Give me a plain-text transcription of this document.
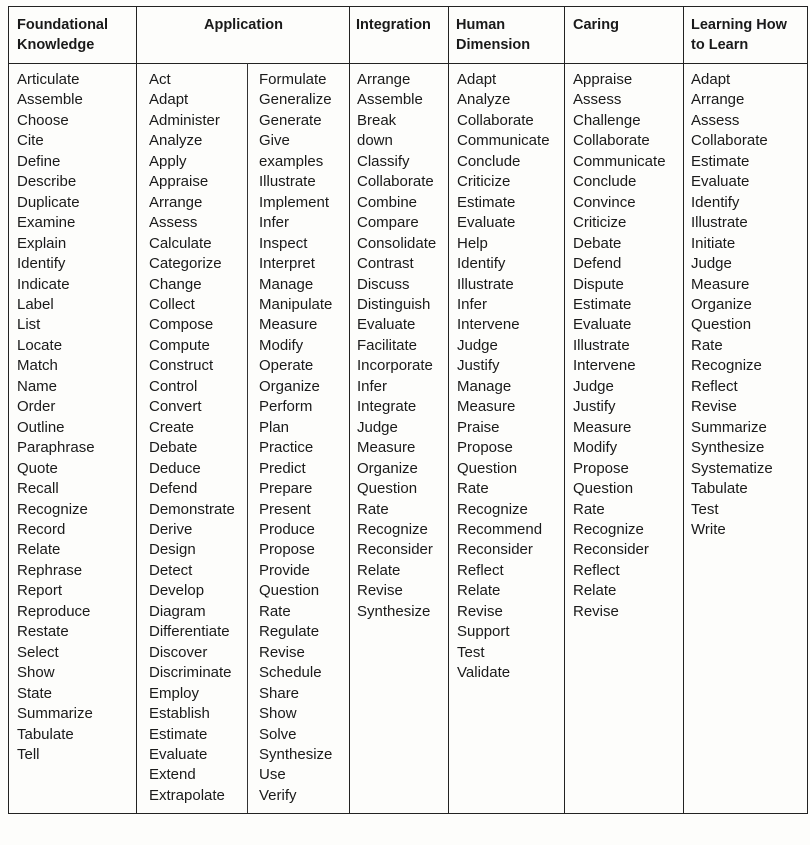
Foundational
Knowledge
Application	Integration Human
Dimension
Caring	Learning How
to Learn
Articulate
Assemble
Choose
Cite
Define
Describe
Duplicate
Examine
Explain
Identify
Indicate
Label
List
Locate
Match
Name
Order
Outline
Paraphrase
Quote
Recall
Recognize
Record
Relate
Rephrase
Report
Reproduce
Restate
Select
Show
State
Summarize
Tabulate
Tell
Act
Adapt
Administer
Analyze
Apply
Appraise
Arrange
Assess
Calculate
Categorize
Change
Collect
Compose
Compute
Construct
Control
Convert
Create
Debate
Deduce
Defend
Demonstrate
Derive
Design
Detect
Develop
Diagram
Differentiate
Discover
Discriminate
Employ
Establish
Estimate
Evaluate
Extend
Extrapolate
Formulate
Generalize
Generate
Give
examples
Illustrate
Implement
Infer
Inspect
Interpret
Manage
Manipulate
Measure
Modify
Operate
Organize
Perform
Plan
Practice
Predict
Prepare
Present
Produce
Propose
Provide
Question
Rate
Regulate
Revise
Schedule
Share
Show
Solve
Synthesize
Use
Verify
Arrange
Assemble
Break
down
Classify
Collaborate
Combine
Compare
Consolidate
Contrast
Discuss
Distinguish
Evaluate
Facilitate
Incorporate
Infer
Integrate
Judge
Measure
Organize
Question
Rate
Recognize
Reconsider
Relate
Revise
Synthesize
Adapt
Analyze
Collaborate
Communicate
Conclude
Criticize
Estimate
Evaluate
Help
Identify
Illustrate
Infer
Intervene
Judge
Justify
Manage
Measure
Praise
Propose
Question
Rate
Recognize
Recommend
Reconsider
Reflect
Relate
Revise
Support
Test
Validate
Appraise
Assess
Challenge
Collaborate
Communicate
Conclude
Convince
Criticize
Debate
Defend
Dispute
Estimate
Evaluate
Illustrate
Intervene
Judge
Justify
Measure
Modify
Propose
Question
Rate
Recognize
Reconsider
Reflect
Relate
Revise
Adapt
Arrange
Assess
Collaborate
Estimate
Evaluate
Identify
Illustrate
Initiate
Judge
Measure
Organize
Question
Rate
Recognize
Reflect
Revise
Summarize
Synthesize
Systematize
Tabulate
Test
Write
